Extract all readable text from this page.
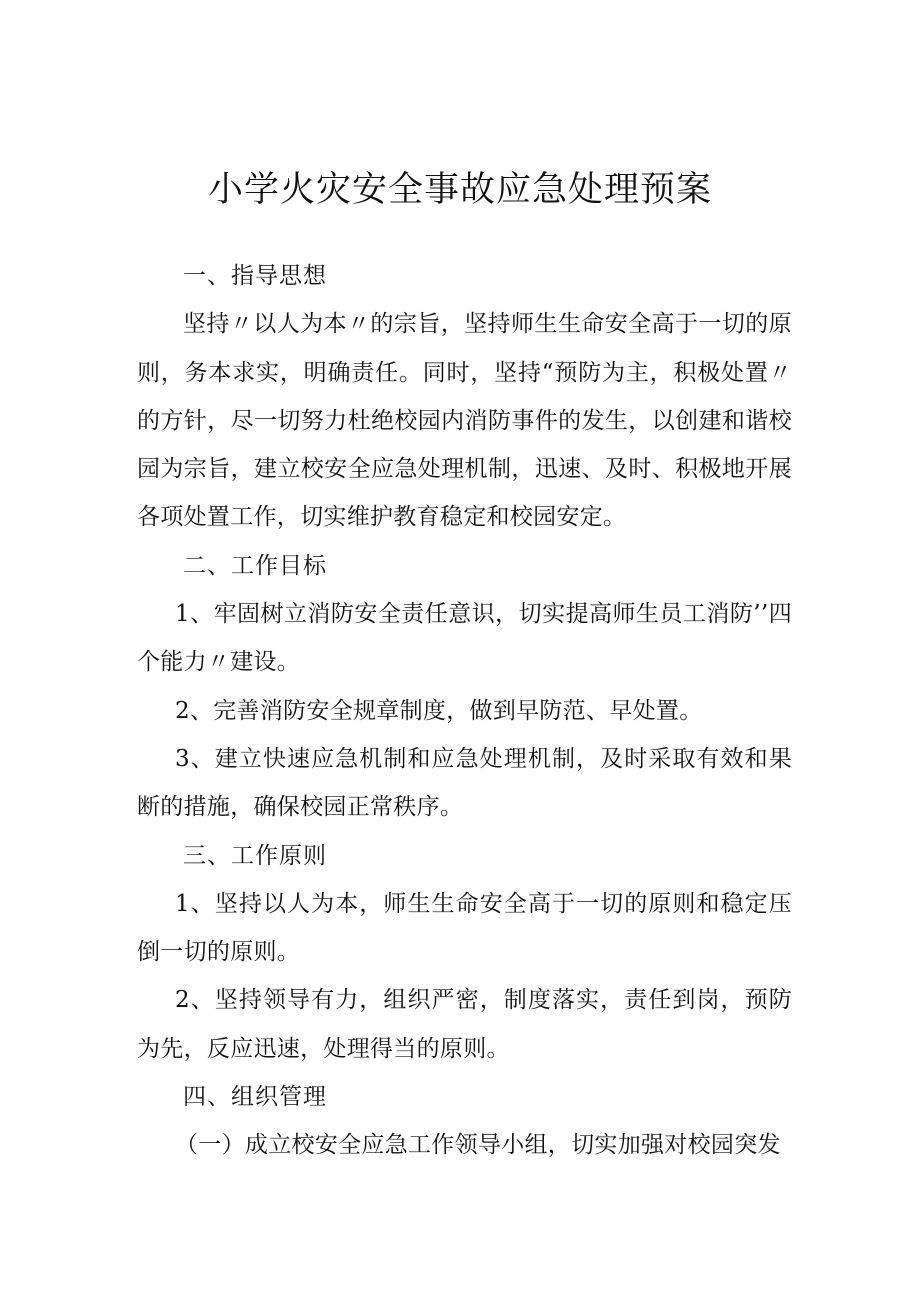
小学火灾安全事故应急处理预案

一、指导思想

坚持〃以人为本〃的宗旨，坚持师生生命安全高于一切的原则，务本求实，明确责任。同时，坚持“预防为主，积极处置〃的方针，尽一切努力杜绝校园内消防事件的发生，以创建和谐校园为宗旨，建立校安全应急处理机制，迅速、及时、积极地开展各项处置工作，切实维护教育稳定和校园安定。

二、工作目标

1、牢固树立消防安全责任意识，切实提高师生员工消防’’四个能力〃建设。

2、完善消防安全规章制度，做到早防范、早处置。

3、建立快速应急机制和应急处理机制，及时采取有效和果断的措施，确保校园正常秩序。

三、工作原则

1、坚持以人为本，师生生命安全高于一切的原则和稳定压倒一切的原则。

2、坚持领导有力，组织严密，制度落实，责任到岗，预防为先，反应迅速，处理得当的原则。

四、组织管理

（一）成立校安全应急工作领导小组，切实加强对校园突发
